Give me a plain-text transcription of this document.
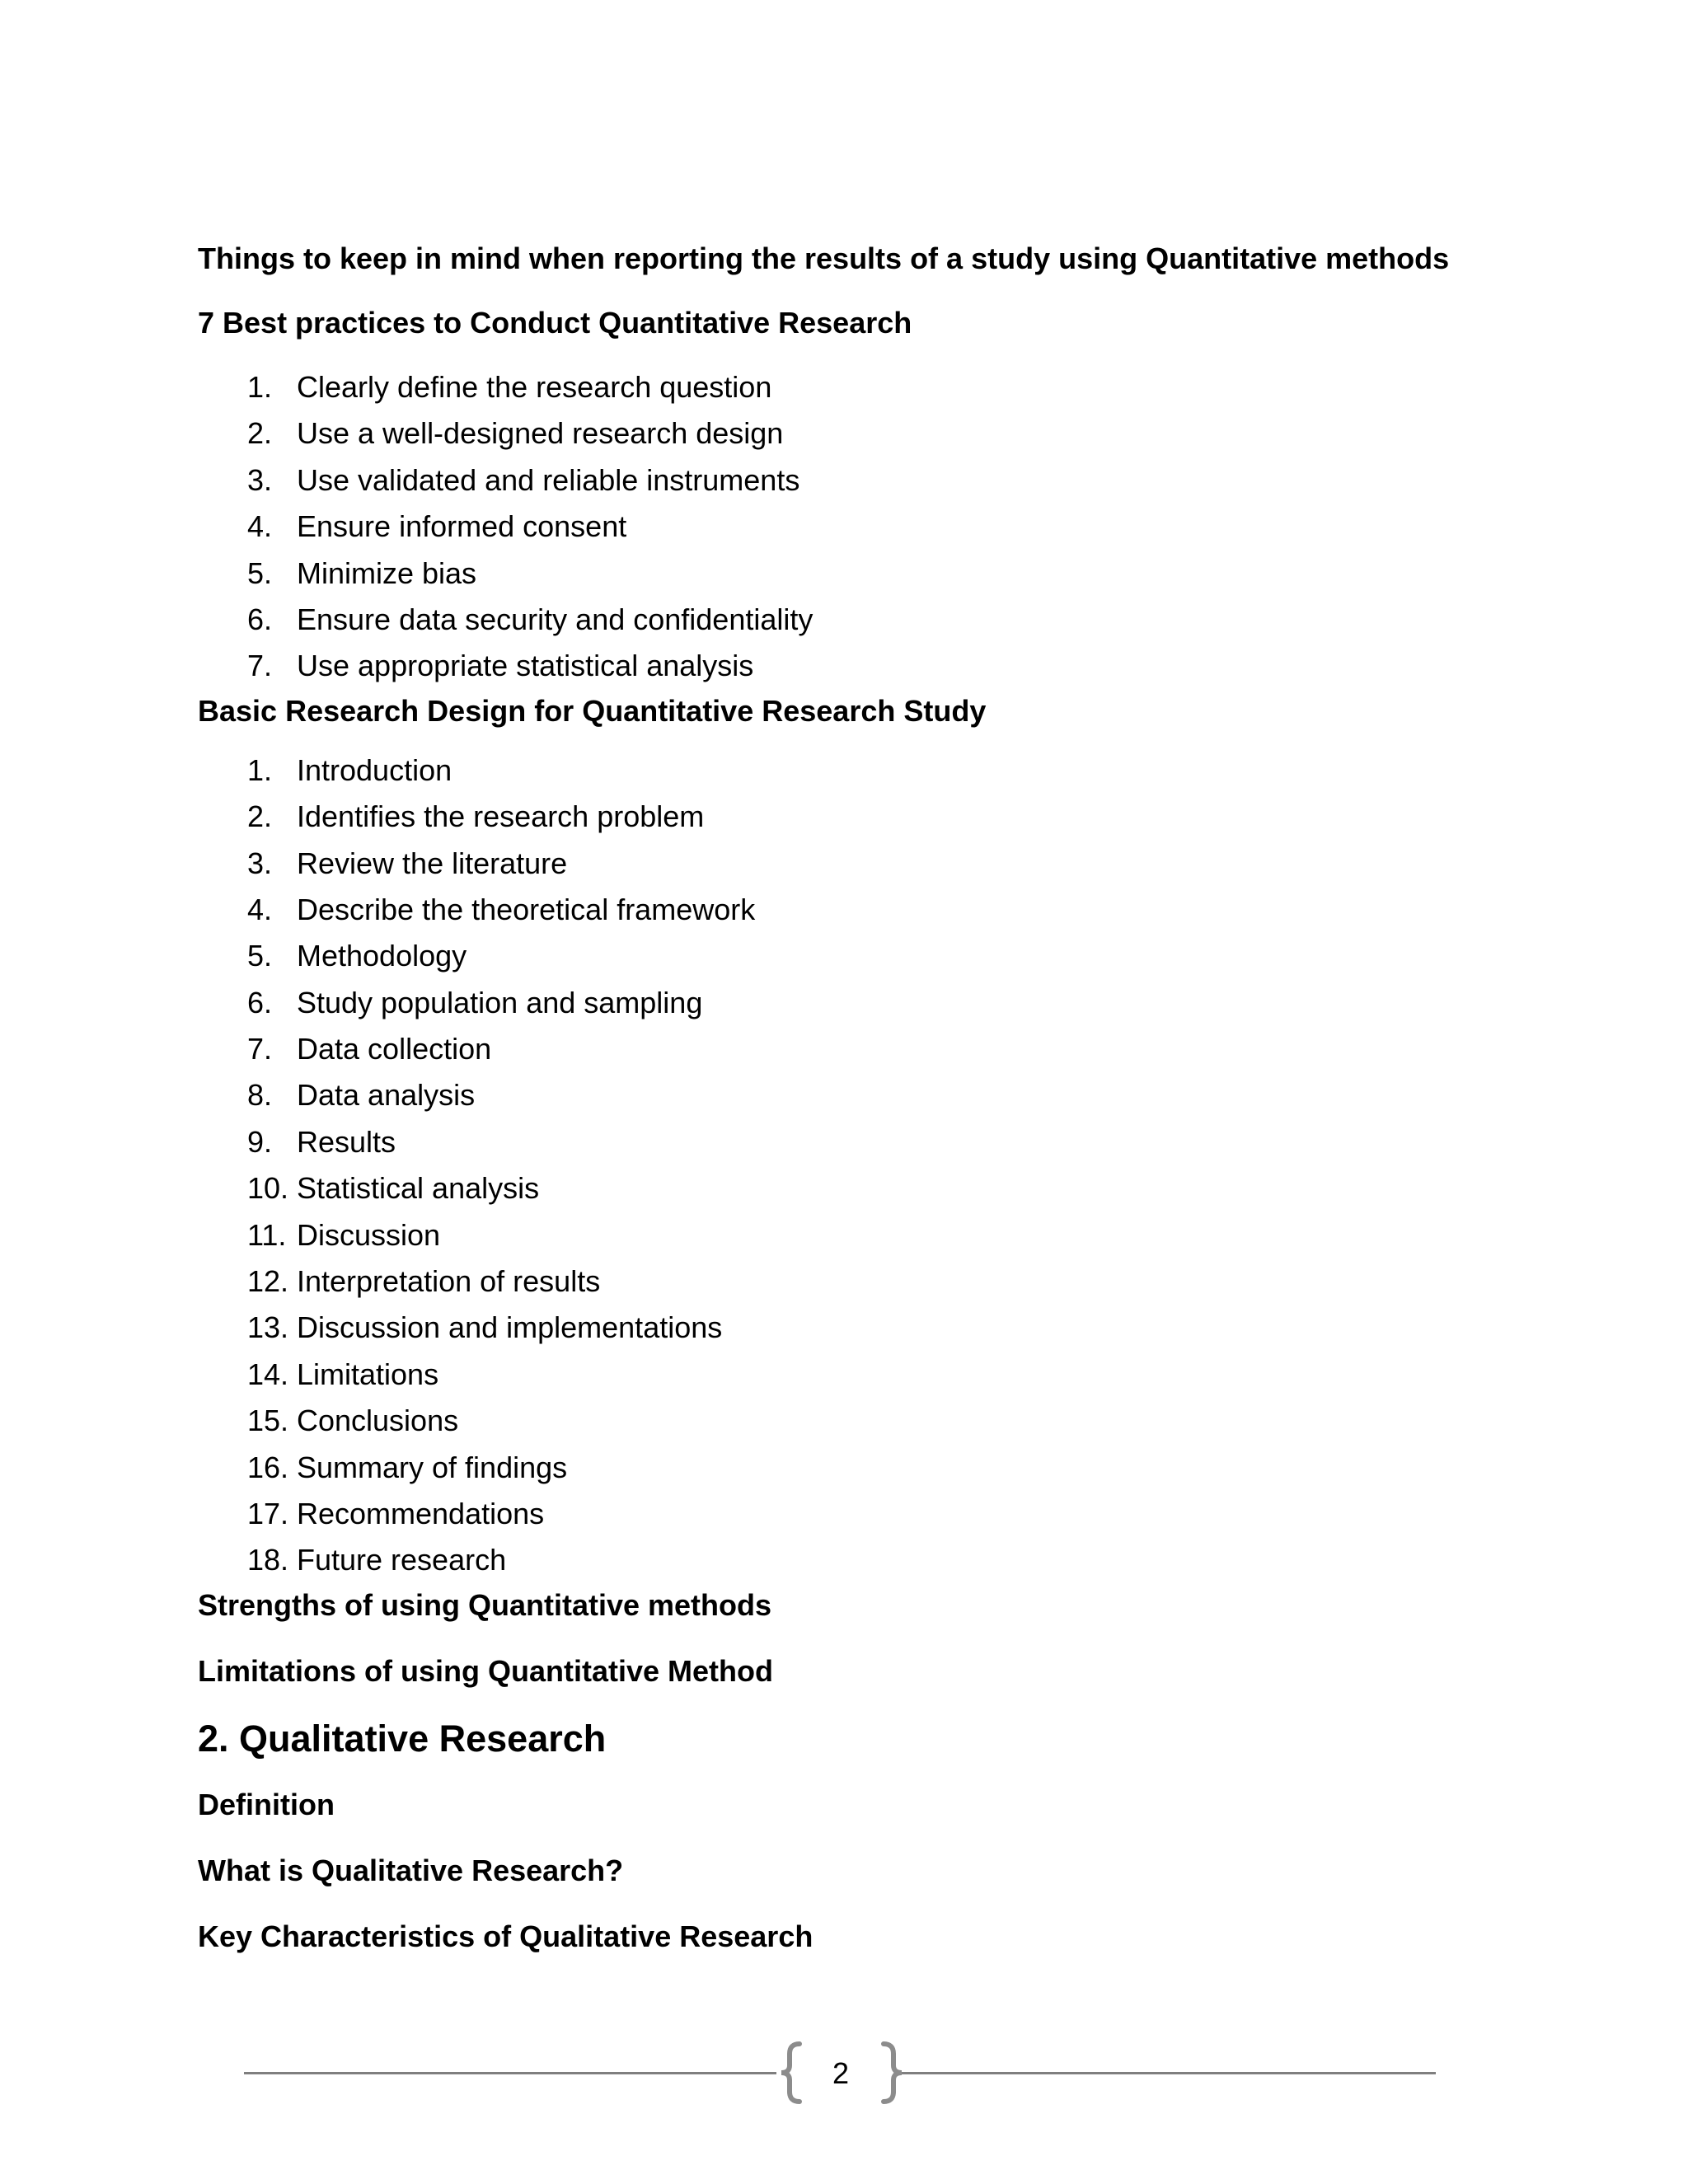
Things to keep in mind when reporting the results of a study using Quantitative methods

7 Best practices to Conduct Quantitative Research

1. Clearly define the research question
2. Use a well-designed research design
3. Use validated and reliable instruments
4. Ensure informed consent
5. Minimize bias
6. Ensure data security and confidentiality
7. Use appropriate statistical analysis

Basic Research Design for Quantitative Research Study

1. Introduction
2. Identifies the research problem
3. Review the literature
4. Describe the theoretical framework
5. Methodology
6. Study population and sampling
7. Data collection
8. Data analysis
9. Results
10. Statistical analysis
11. Discussion
12. Interpretation of results
13. Discussion and implementations
14. Limitations
15. Conclusions
16. Summary of findings
17. Recommendations
18. Future research

Strengths of using Quantitative methods

Limitations of using Quantitative Method

2. Qualitative Research

Definition

What is Qualitative Research?

Key Characteristics of Qualitative Research

2
